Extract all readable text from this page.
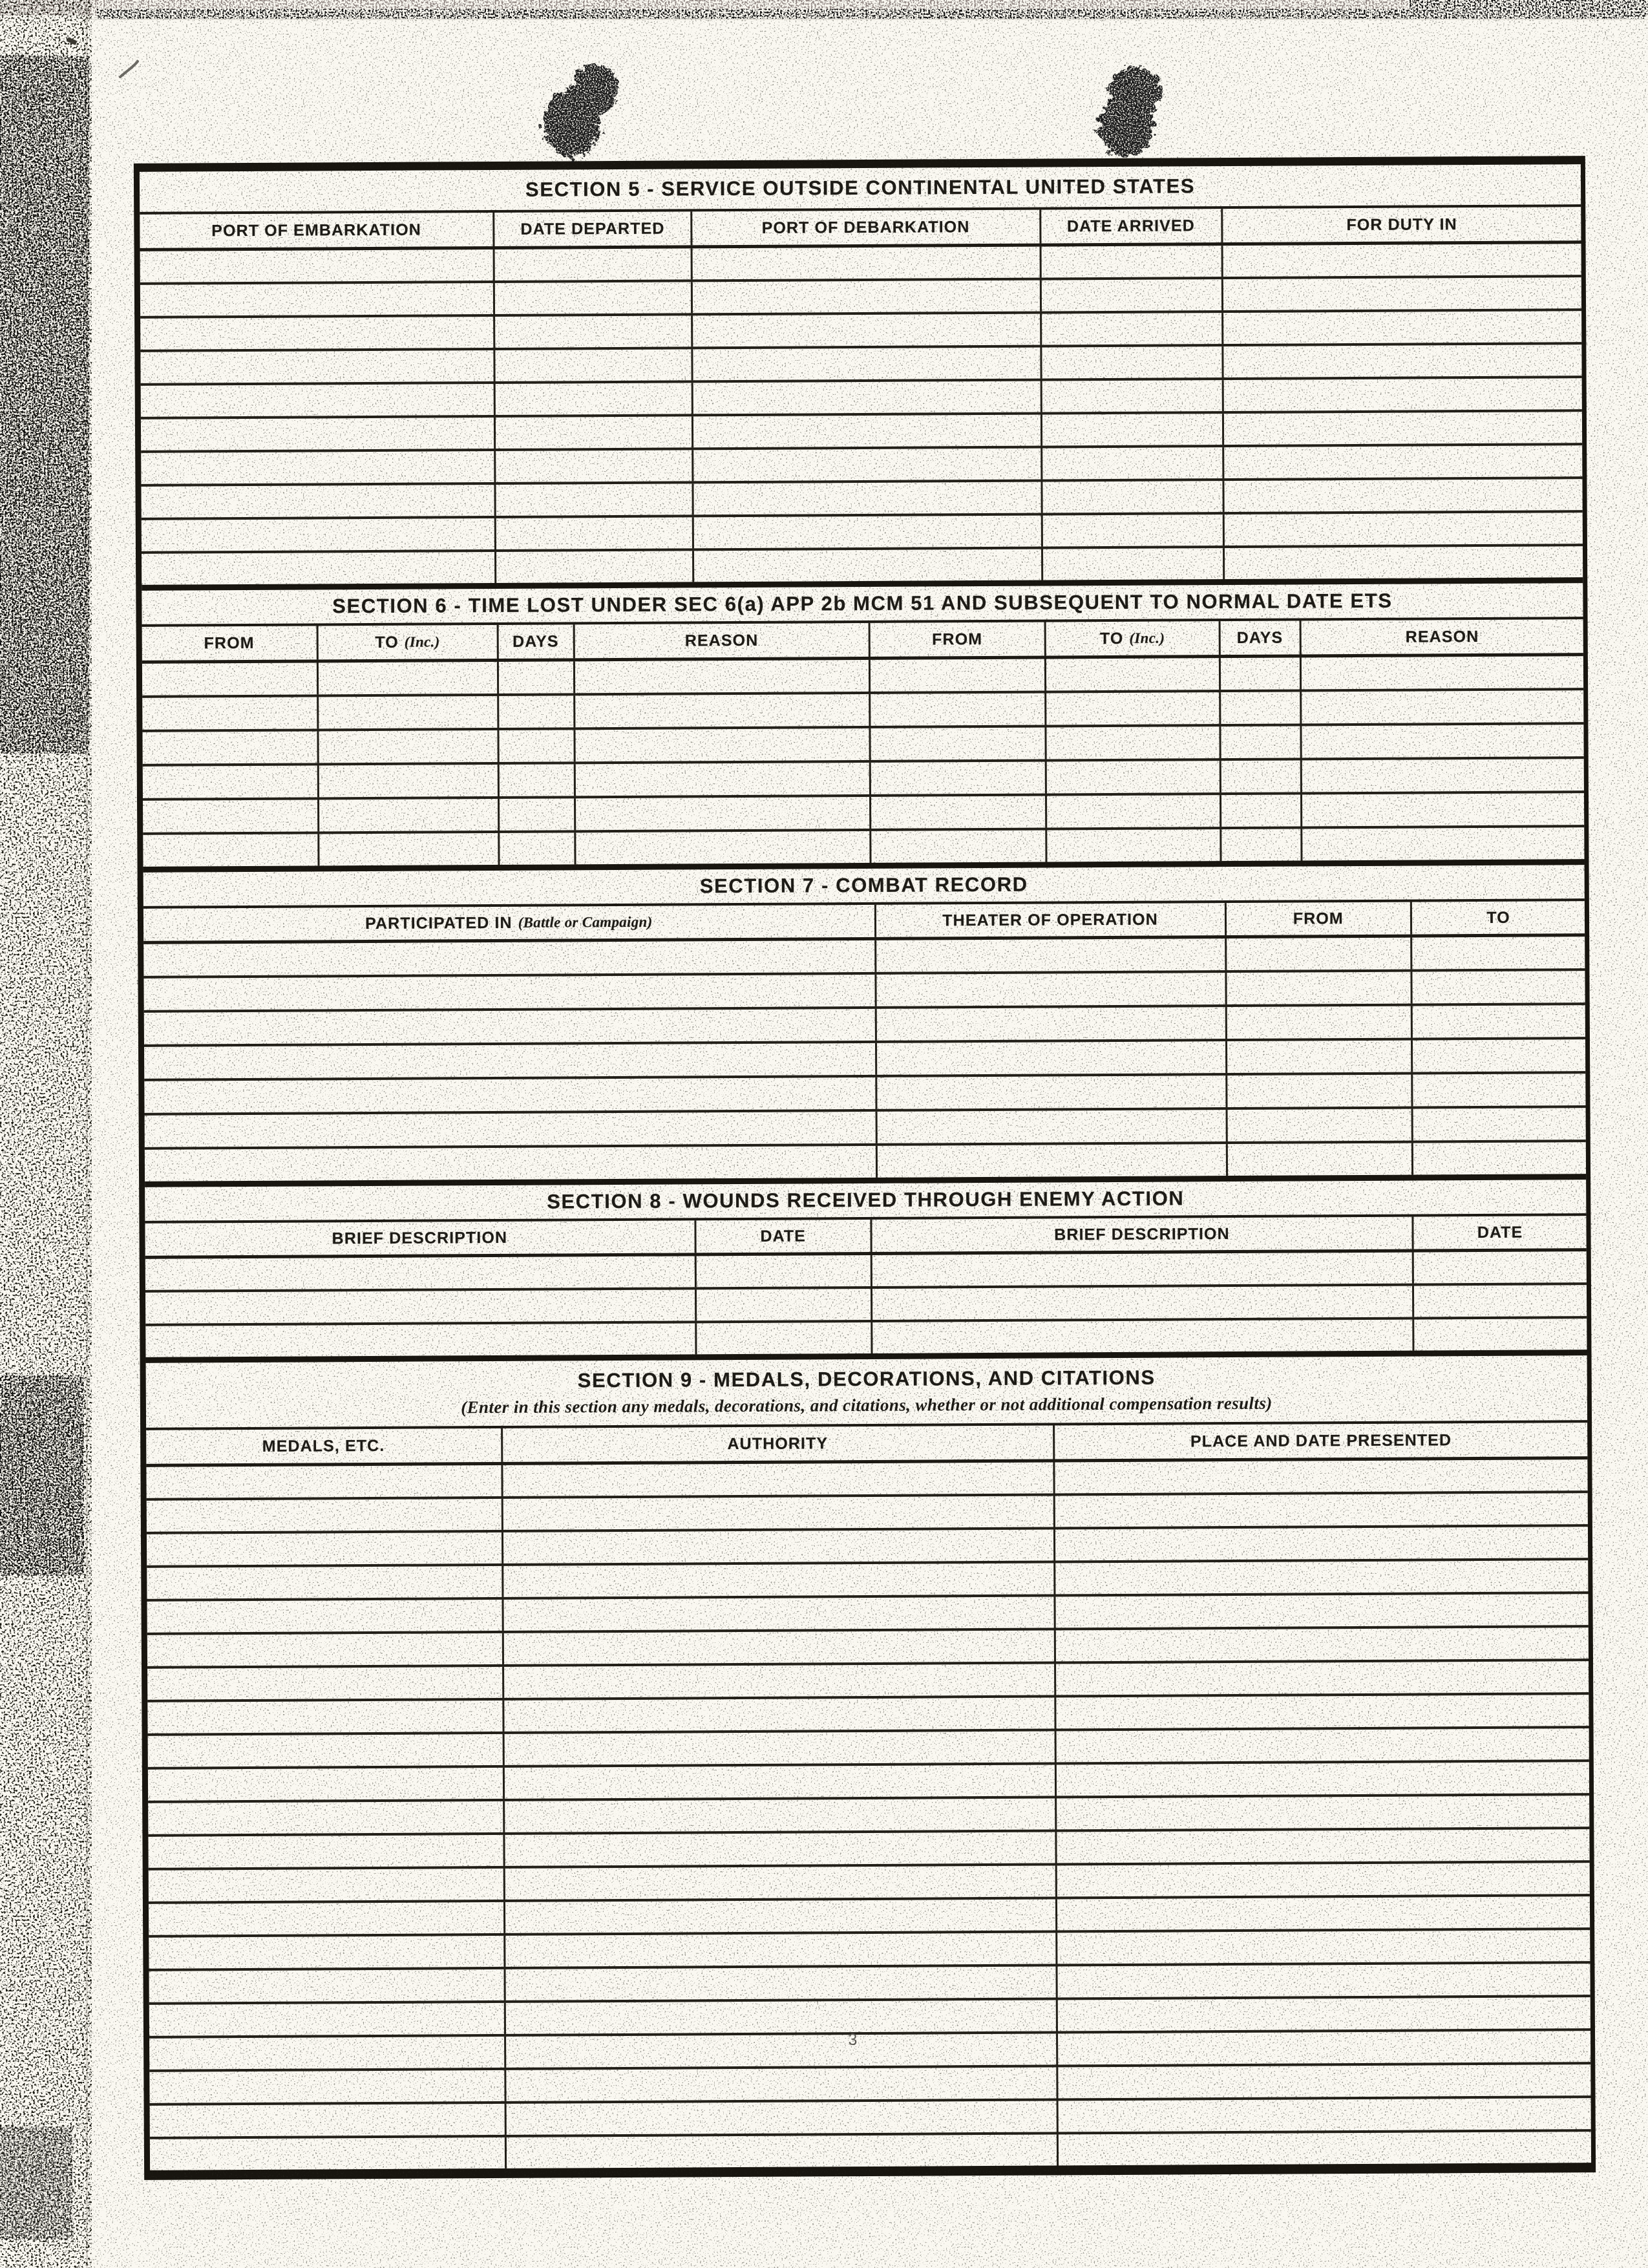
SECTION 5 - SERVICE OUTSIDE CONTINENTAL UNITED STATES
PORT OF EMBARKATION	DATE DEPARTED	PORT OF DEBARKATION	DATE ARRIVED	FOR DUTY IN
SECTION 6 - TIME LOST UNDER SEC 6(a) APP 2b MCM 51 AND SUBSEQUENT TO NORMAL DATE ETS
FROM	TO (Inc.)	DAYS	REASON	FROM	TO (Inc.)	DAYS	REASON
SECTION 7 - COMBAT RECORD
PARTICIPATED IN (Battle or Campaign)	THEATER OF OPERATION	FROM	TO
SECTION 8 - WOUNDS RECEIVED THROUGH ENEMY ACTION
BRIEF DESCRIPTION	DATE	BRIEF DESCRIPTION	DATE
SECTION 9 - MEDALS, DECORATIONS, AND CITATIONS
(Enter in this section any medals, decorations, and citations, whether or not additional compensation results)
MEDALS, ETC.	AUTHORITY	PLACE AND DATE PRESENTED
3
